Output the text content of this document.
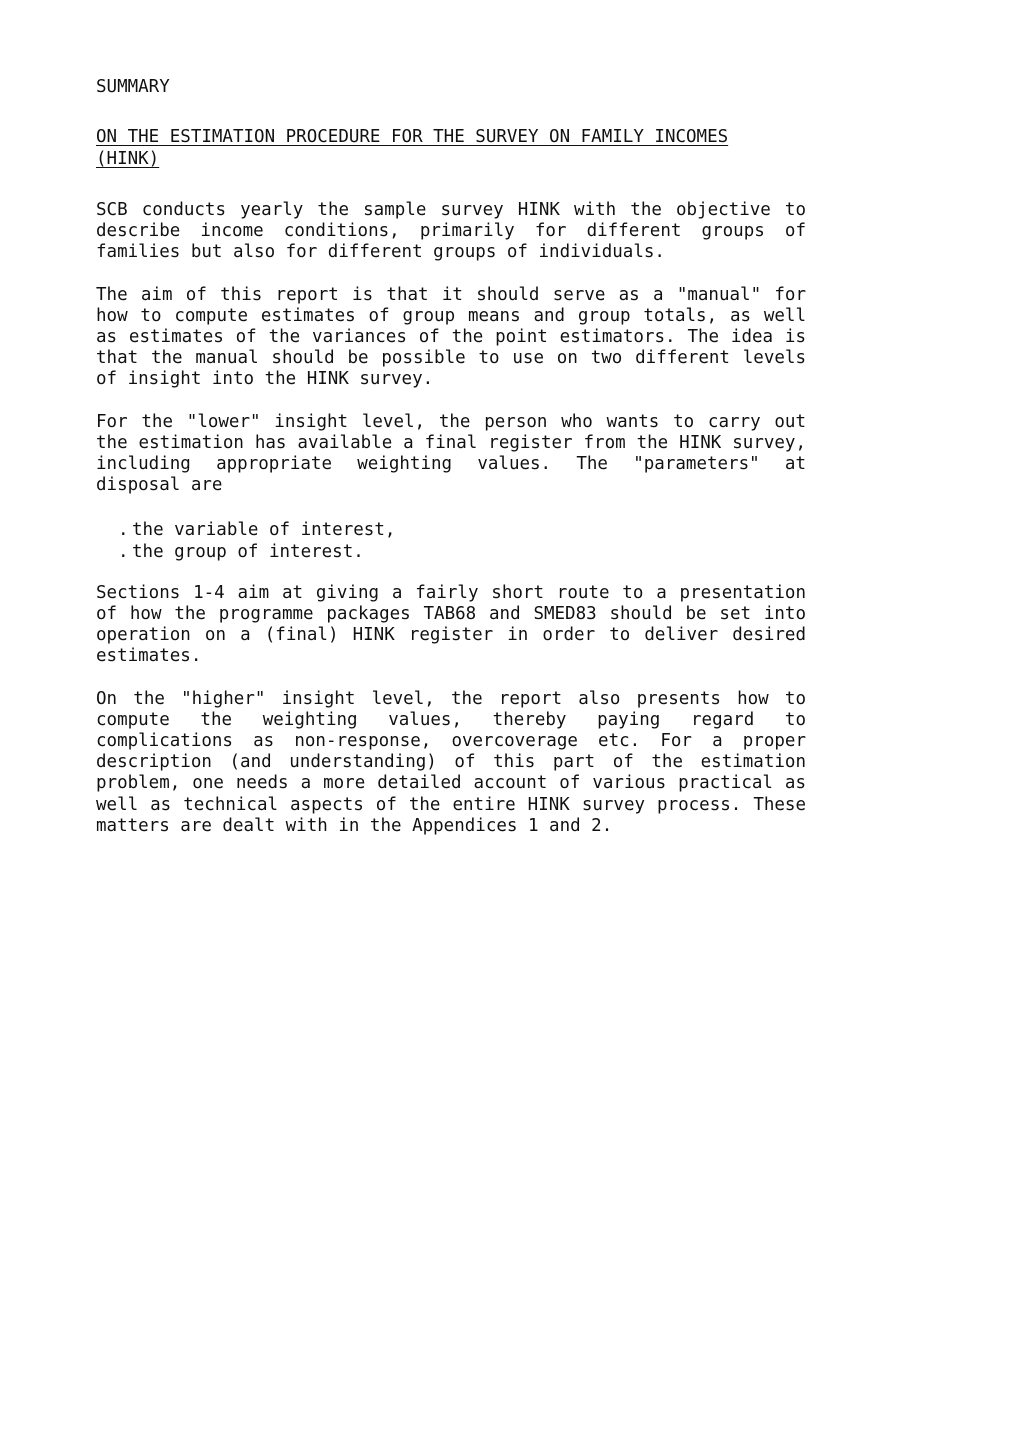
SUMMARY
ON THE ESTIMATION PROCEDURE FOR THE SURVEY ON FAMILY INCOMES (HINK)

SCB conducts yearly the sample survey HINK with the objective to describe income conditions, primarily for different groups of families but also for different groups of individuals.

The aim of this report is that it should serve as a "manual" for how to compute estimates of group means and group totals, as well as estimates of the variances of the point estimators. The idea is that the manual should be possible to use on two different levels of insight into the HINK survey.

For the "lower" insight level, the person who wants to carry out the estimation has available a final register from the HINK survey, including appropriate weighting values. The "parameters" at disposal are

. the variable of interest,
. the group of interest.

Sections 1-4 aim at giving a fairly short route to a presentation of how the programme packages TAB68 and SMED83 should be set into operation on a (final) HINK register in order to deliver desired estimates.

On the "higher" insight level, the report also presents how to compute the weighting values, thereby paying regard to complications as non-response, overcoverage etc. For a proper description (and understanding) of this part of the estimation problem, one needs a more detailed account of various practical as well as technical aspects of the entire HINK survey process. These matters are dealt with in the Appendices 1 and 2.
